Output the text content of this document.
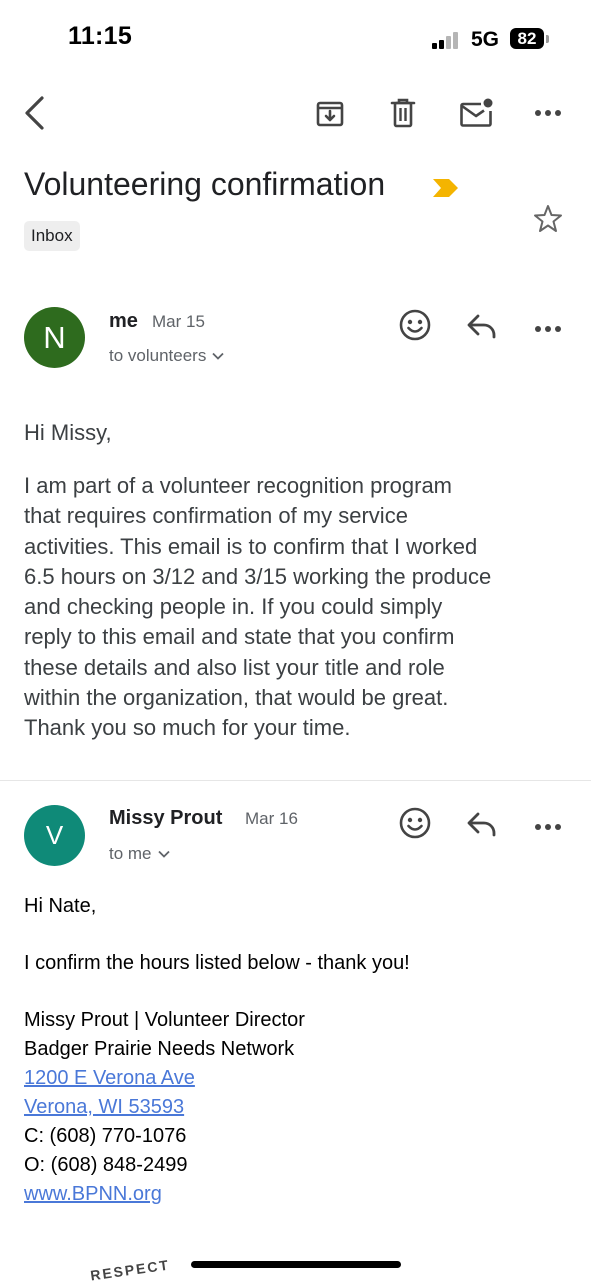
11:15	5G	82
Volunteering confirmation
Inbox
N me Mar 15
to volunteers
Hi Missy,
I am part of a volunteer recognition program
that requires confirmation of my service
activities. This email is to confirm that I worked
6.5 hours on 3/12 and 3/15 working the produce
and checking people in. If you could simply
reply to this email and state that you confirm
these details and also list your title and role
within the organization, that would be great.
Thank you so much for your time.
V
Missy Prout Mar 16
to me
Hi Nate,
I confirm the hours listed below - thank you!
Missy Prout | Volunteer Director
Badger Prairie Needs Network
1200 E Verona Ave
Verona, WI 53593
C: (608) 770-1076
O: (608) 848-2499
www.BPNN.org
RESPECT
